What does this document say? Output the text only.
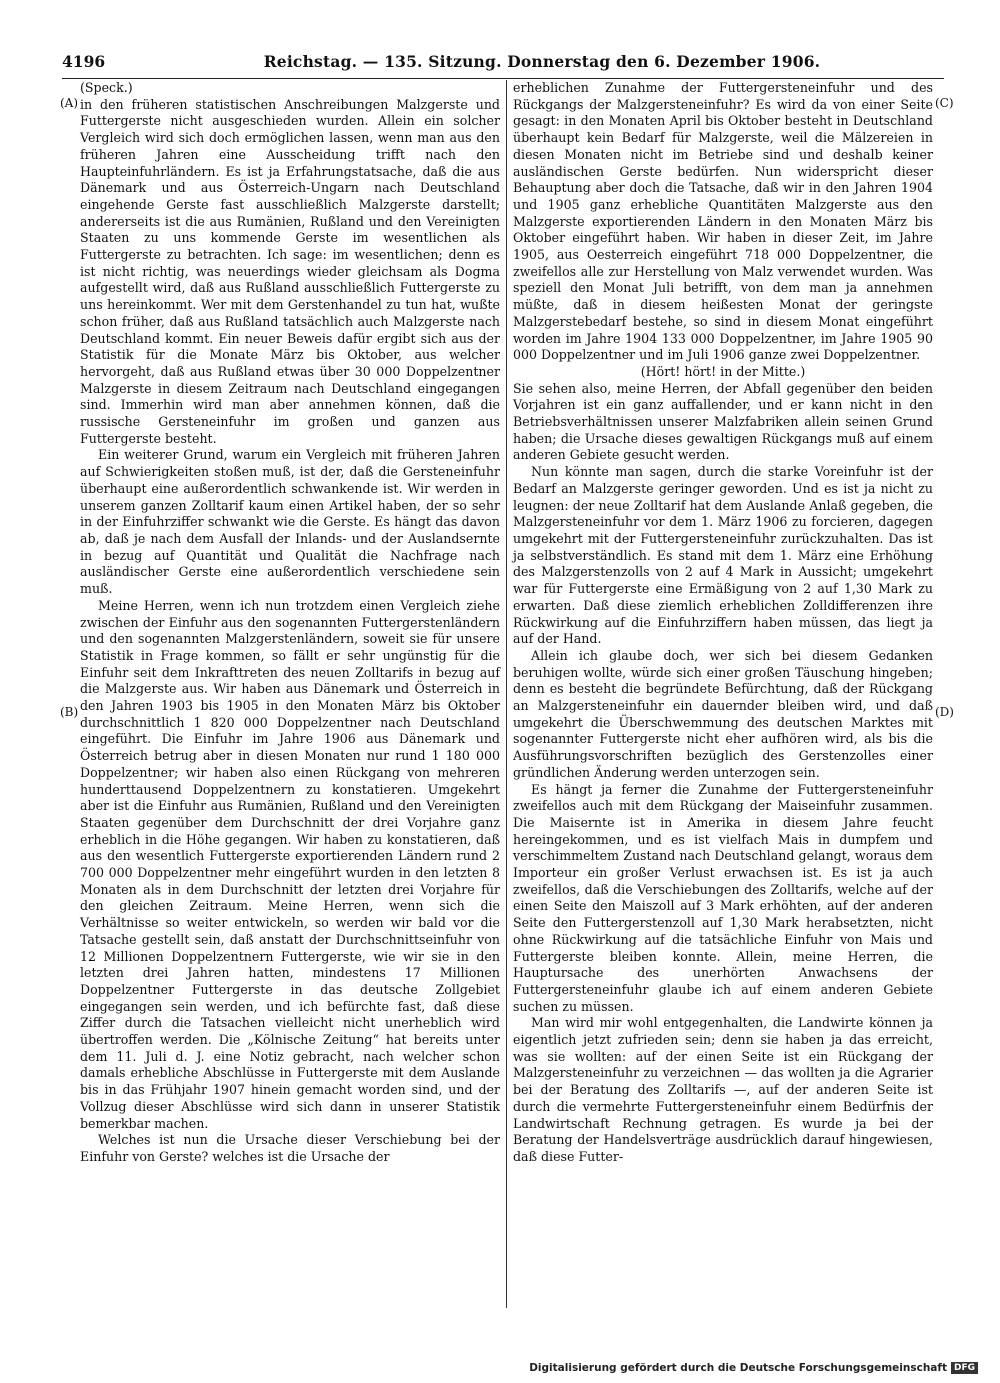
4196	Reichstag. — 135. Sitzung. Donnerstag den 6. Dezember 1906.
(A)
(B)
(C)
(D)

(Speck.)

in den früheren statistischen Anschreibungen Malzgerste und Futtergerste nicht ausgeschieden wurden. Allein ein solcher Vergleich wird sich doch ermöglichen lassen, wenn man aus den früheren Jahren eine Ausscheidung trifft nach den Haupteinfuhrländern. Es ist ja Erfahrungstatsache, daß die aus Dänemark und aus Österreich-Ungarn nach Deutschland eingehende Gerste fast ausschließlich Malzgerste darstellt; andererseits ist die aus Rumänien, Rußland und den Vereinigten Staaten zu uns kommende Gerste im wesentlichen als Futtergerste zu betrachten. Ich sage: im wesentlichen; denn es ist nicht richtig, was neuerdings wieder gleichsam als Dogma aufgestellt wird, daß aus Rußland ausschließlich Futtergerste zu uns hereinkommt. Wer mit dem Gerstenhandel zu tun hat, wußte schon früher, daß aus Rußland tatsächlich auch Malzgerste nach Deutschland kommt. Ein neuer Beweis dafür ergibt sich aus der Statistik für die Monate März bis Oktober, aus welcher hervorgeht, daß aus Rußland etwas über 30 000 Doppelzentner Malzgerste in diesem Zeitraum nach Deutschland eingegangen sind. Immerhin wird man aber annehmen können, daß die russische Gersteneinfuhr im großen und ganzen aus Futtergerste besteht.

Ein weiterer Grund, warum ein Vergleich mit früheren Jahren auf Schwierigkeiten stoßen muß, ist der, daß die Gersteneinfuhr überhaupt eine außerordentlich schwankende ist. Wir werden in unserem ganzen Zolltarif kaum einen Artikel haben, der so sehr in der Einfuhrziffer schwankt wie die Gerste. Es hängt das davon ab, daß je nach dem Ausfall der Inlands- und der Auslandsernte in bezug auf Quantität und Qualität die Nachfrage nach ausländischer Gerste eine außerordentlich verschiedene sein muß.

Meine Herren, wenn ich nun trotzdem einen Vergleich ziehe zwischen der Einfuhr aus den sogenannten Futtergerstenländern und den sogenannten Malzgerstenländern, soweit sie für unsere Statistik in Frage kommen, so fällt er sehr ungünstig für die Einfuhr seit dem Inkrafttreten des neuen Zolltarifs in bezug auf die Malzgerste aus. Wir haben aus Dänemark und Österreich in den Jahren 1903 bis 1905 in den Monaten März bis Oktober durchschnittlich 1 820 000 Doppelzentner nach Deutschland eingeführt. Die Einfuhr im Jahre 1906 aus Dänemark und Österreich betrug aber in diesen Monaten nur rund 1 180 000 Doppelzentner; wir haben also einen Rückgang von mehreren hunderttausend Doppelzentnern zu konstatieren. Umgekehrt aber ist die Einfuhr aus Rumänien, Rußland und den Vereinigten Staaten gegenüber dem Durchschnitt der drei Vorjahre ganz erheblich in die Höhe gegangen. Wir haben zu konstatieren, daß aus den wesentlich Futtergerste exportierenden Ländern rund 2 700 000 Doppelzentner mehr eingeführt wurden in den letzten 8 Monaten als in dem Durchschnitt der letzten drei Vorjahre für den gleichen Zeitraum. Meine Herren, wenn sich die Verhältnisse so weiter entwickeln, so werden wir bald vor die Tatsache gestellt sein, daß anstatt der Durchschnittseinfuhr von 12 Millionen Doppelzentnern Futtergerste, wie wir sie in den letzten drei Jahren hatten, mindestens 17 Millionen Doppelzentner Futtergerste in das deutsche Zollgebiet eingegangen sein werden, und ich befürchte fast, daß diese Ziffer durch die Tatsachen vielleicht nicht unerheblich wird übertroffen werden. Die „Kölnische Zeitung“ hat bereits unter dem 11. Juli d. J. eine Notiz gebracht, nach welcher schon damals erhebliche Abschlüsse in Futtergerste mit dem Auslande bis in das Frühjahr 1907 hinein gemacht worden sind, und der Vollzug dieser Abschlüsse wird sich dann in unserer Statistik bemerkbar machen.

Welches ist nun die Ursache dieser Verschiebung bei der Einfuhr von Gerste? welches ist die Ursache der

erheblichen Zunahme der Futtergersteneinfuhr und des Rückgangs der Malzgersteneinfuhr? Es wird da von einer Seite gesagt: in den Monaten April bis Oktober besteht in Deutschland überhaupt kein Bedarf für Malzgerste, weil die Mälzereien in diesen Monaten nicht im Betriebe sind und deshalb keiner ausländischen Gerste bedürfen. Nun widerspricht dieser Behauptung aber doch die Tatsache, daß wir in den Jahren 1904 und 1905 ganz erhebliche Quantitäten Malzgerste aus den Malzgerste exportierenden Ländern in den Monaten März bis Oktober eingeführt haben. Wir haben in dieser Zeit, im Jahre 1905, aus Oesterreich eingeführt 718 000 Doppelzentner, die zweifellos alle zur Herstellung von Malz verwendet wurden. Was speziell den Monat Juli betrifft, von dem man ja annehmen müßte, daß in diesem heißesten Monat der geringste Malzgerstebedarf bestehe, so sind in diesem Monat eingeführt worden im Jahre 1904 133 000 Doppelzentner, im Jahre 1905 90 000 Doppelzentner und im Juli 1906 ganze zwei Doppelzentner.

(Hört! hört! in der Mitte.)

Sie sehen also, meine Herren, der Abfall gegenüber den beiden Vorjahren ist ein ganz auffallender, und er kann nicht in den Betriebsverhältnissen unserer Malzfabriken allein seinen Grund haben; die Ursache dieses gewaltigen Rückgangs muß auf einem anderen Gebiete gesucht werden.

Nun könnte man sagen, durch die starke Voreinfuhr ist der Bedarf an Malzgerste geringer geworden. Und es ist ja nicht zu leugnen: der neue Zolltarif hat dem Auslande Anlaß gegeben, die Malzgersteneinfuhr vor dem 1. März 1906 zu forcieren, dagegen umgekehrt mit der Futtergersteneinfuhr zurückzuhalten. Das ist ja selbstverständlich. Es stand mit dem 1. März eine Erhöhung des Malzgerstenzolls von 2 auf 4 Mark in Aussicht; umgekehrt war für Futtergerste eine Ermäßigung von 2 auf 1,30 Mark zu erwarten. Daß diese ziemlich erheblichen Zolldifferenzen ihre Rückwirkung auf die Einfuhrziffern haben müssen, das liegt ja auf der Hand.

Allein ich glaube doch, wer sich bei diesem Gedanken beruhigen wollte, würde sich einer großen Täuschung hingeben; denn es besteht die begründete Befürchtung, daß der Rückgang an Malzgersteneinfuhr ein dauernder bleiben wird, und daß umgekehrt die Überschwemmung des deutschen Marktes mit sogenannter Futtergerste nicht eher aufhören wird, als bis die Ausführungsvorschriften bezüglich des Gerstenzolles einer gründlichen Änderung werden unterzogen sein.

Es hängt ja ferner die Zunahme der Futtergersteneinfuhr zweifellos auch mit dem Rückgang der Maiseinfuhr zusammen. Die Maisernte ist in Amerika in diesem Jahre feucht hereingekommen, und es ist vielfach Mais in dumpfem und verschimmeltem Zustand nach Deutschland gelangt, woraus dem Importeur ein großer Verlust erwachsen ist. Es ist ja auch zweifellos, daß die Verschiebungen des Zolltarifs, welche auf der einen Seite den Maiszoll auf 3 Mark erhöhten, auf der anderen Seite den Futtergerstenzoll auf 1,30 Mark herabsetzten, nicht ohne Rückwirkung auf die tatsächliche Einfuhr von Mais und Futtergerste bleiben konnte. Allein, meine Herren, die Hauptursache des unerhörten Anwachsens der Futtergersteneinfuhr glaube ich auf einem anderen Gebiete suchen zu müssen.

Man wird mir wohl entgegenhalten, die Landwirte können ja eigentlich jetzt zufrieden sein; denn sie haben ja das erreicht, was sie wollten: auf der einen Seite ist ein Rückgang der Malzgersteneinfuhr zu verzeichnen — das wollten ja die Agrarier bei der Beratung des Zolltarifs —, auf der anderen Seite ist durch die vermehrte Futtergersteneinfuhr einem Bedürfnis der Landwirtschaft Rechnung getragen. Es wurde ja bei der Beratung der Handelsverträge ausdrücklich darauf hingewiesen, daß diese Futter-

Digitalisierung gefördert durch die Deutsche Forschungsgemeinschaft DFG
